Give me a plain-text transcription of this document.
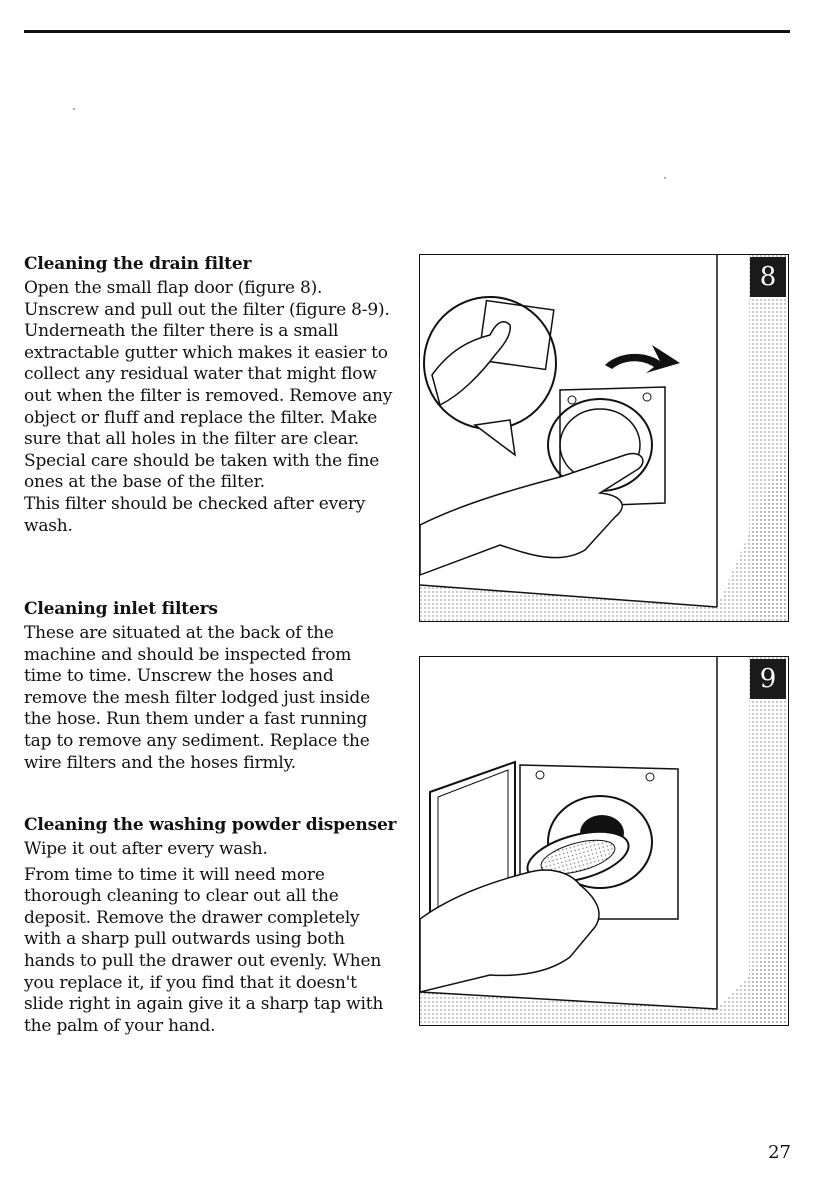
Cleaning the drain filter

Open the small flap door (figure 8). Unscrew and pull out the filter (figure 8-9). Underneath the filter there is a small extractable gutter which makes it easier to collect any residual water that might flow out when the filter is removed. Remove any object or fluff and replace the filter. Make sure that all holes in the filter are clear. Special care should be taken with the fine ones at the base of the filter.

This filter should be checked after every wash.

Cleaning inlet filters

These are situated at the back of the machine and should be inspected from time to time. Unscrew the hoses and remove the mesh filter lodged just inside the hose. Run them under a fast running tap to remove any sediment. Replace the wire filters and the hoses firmly.

Cleaning the washing powder dispenser

Wipe it out after every wash.

From time to time it will need more thorough cleaning to clear out all the deposit. Remove the drawer completely with a sharp pull outwards using both hands to pull the drawer out evenly. When you replace it, if you find that it doesn't slide right in again give it a sharp tap with the palm of your hand.

8
9
27
